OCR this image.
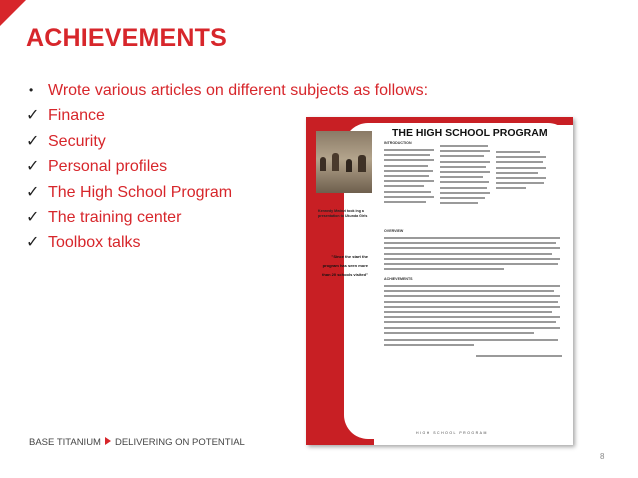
ACHIEVEMENTS
• Wrote various articles on different subjects as follows:
✓ Finance
✓ Security
✓ Personal profiles
✓ The High School Program
✓ The training center
✓ Toolbox talks
Kennedy Mwinzi took ing a presentation to Ukunda Girls
"Since the start the program has seen more than 20 schools visited"
THE HIGH SCHOOL PROGRAM
INTRODUCTION
OVERVIEW
ACHIEVEMENTS
HIGH SCHOOL PROGRAM
BASE TITANIUM DELIVERING ON POTENTIAL
8
